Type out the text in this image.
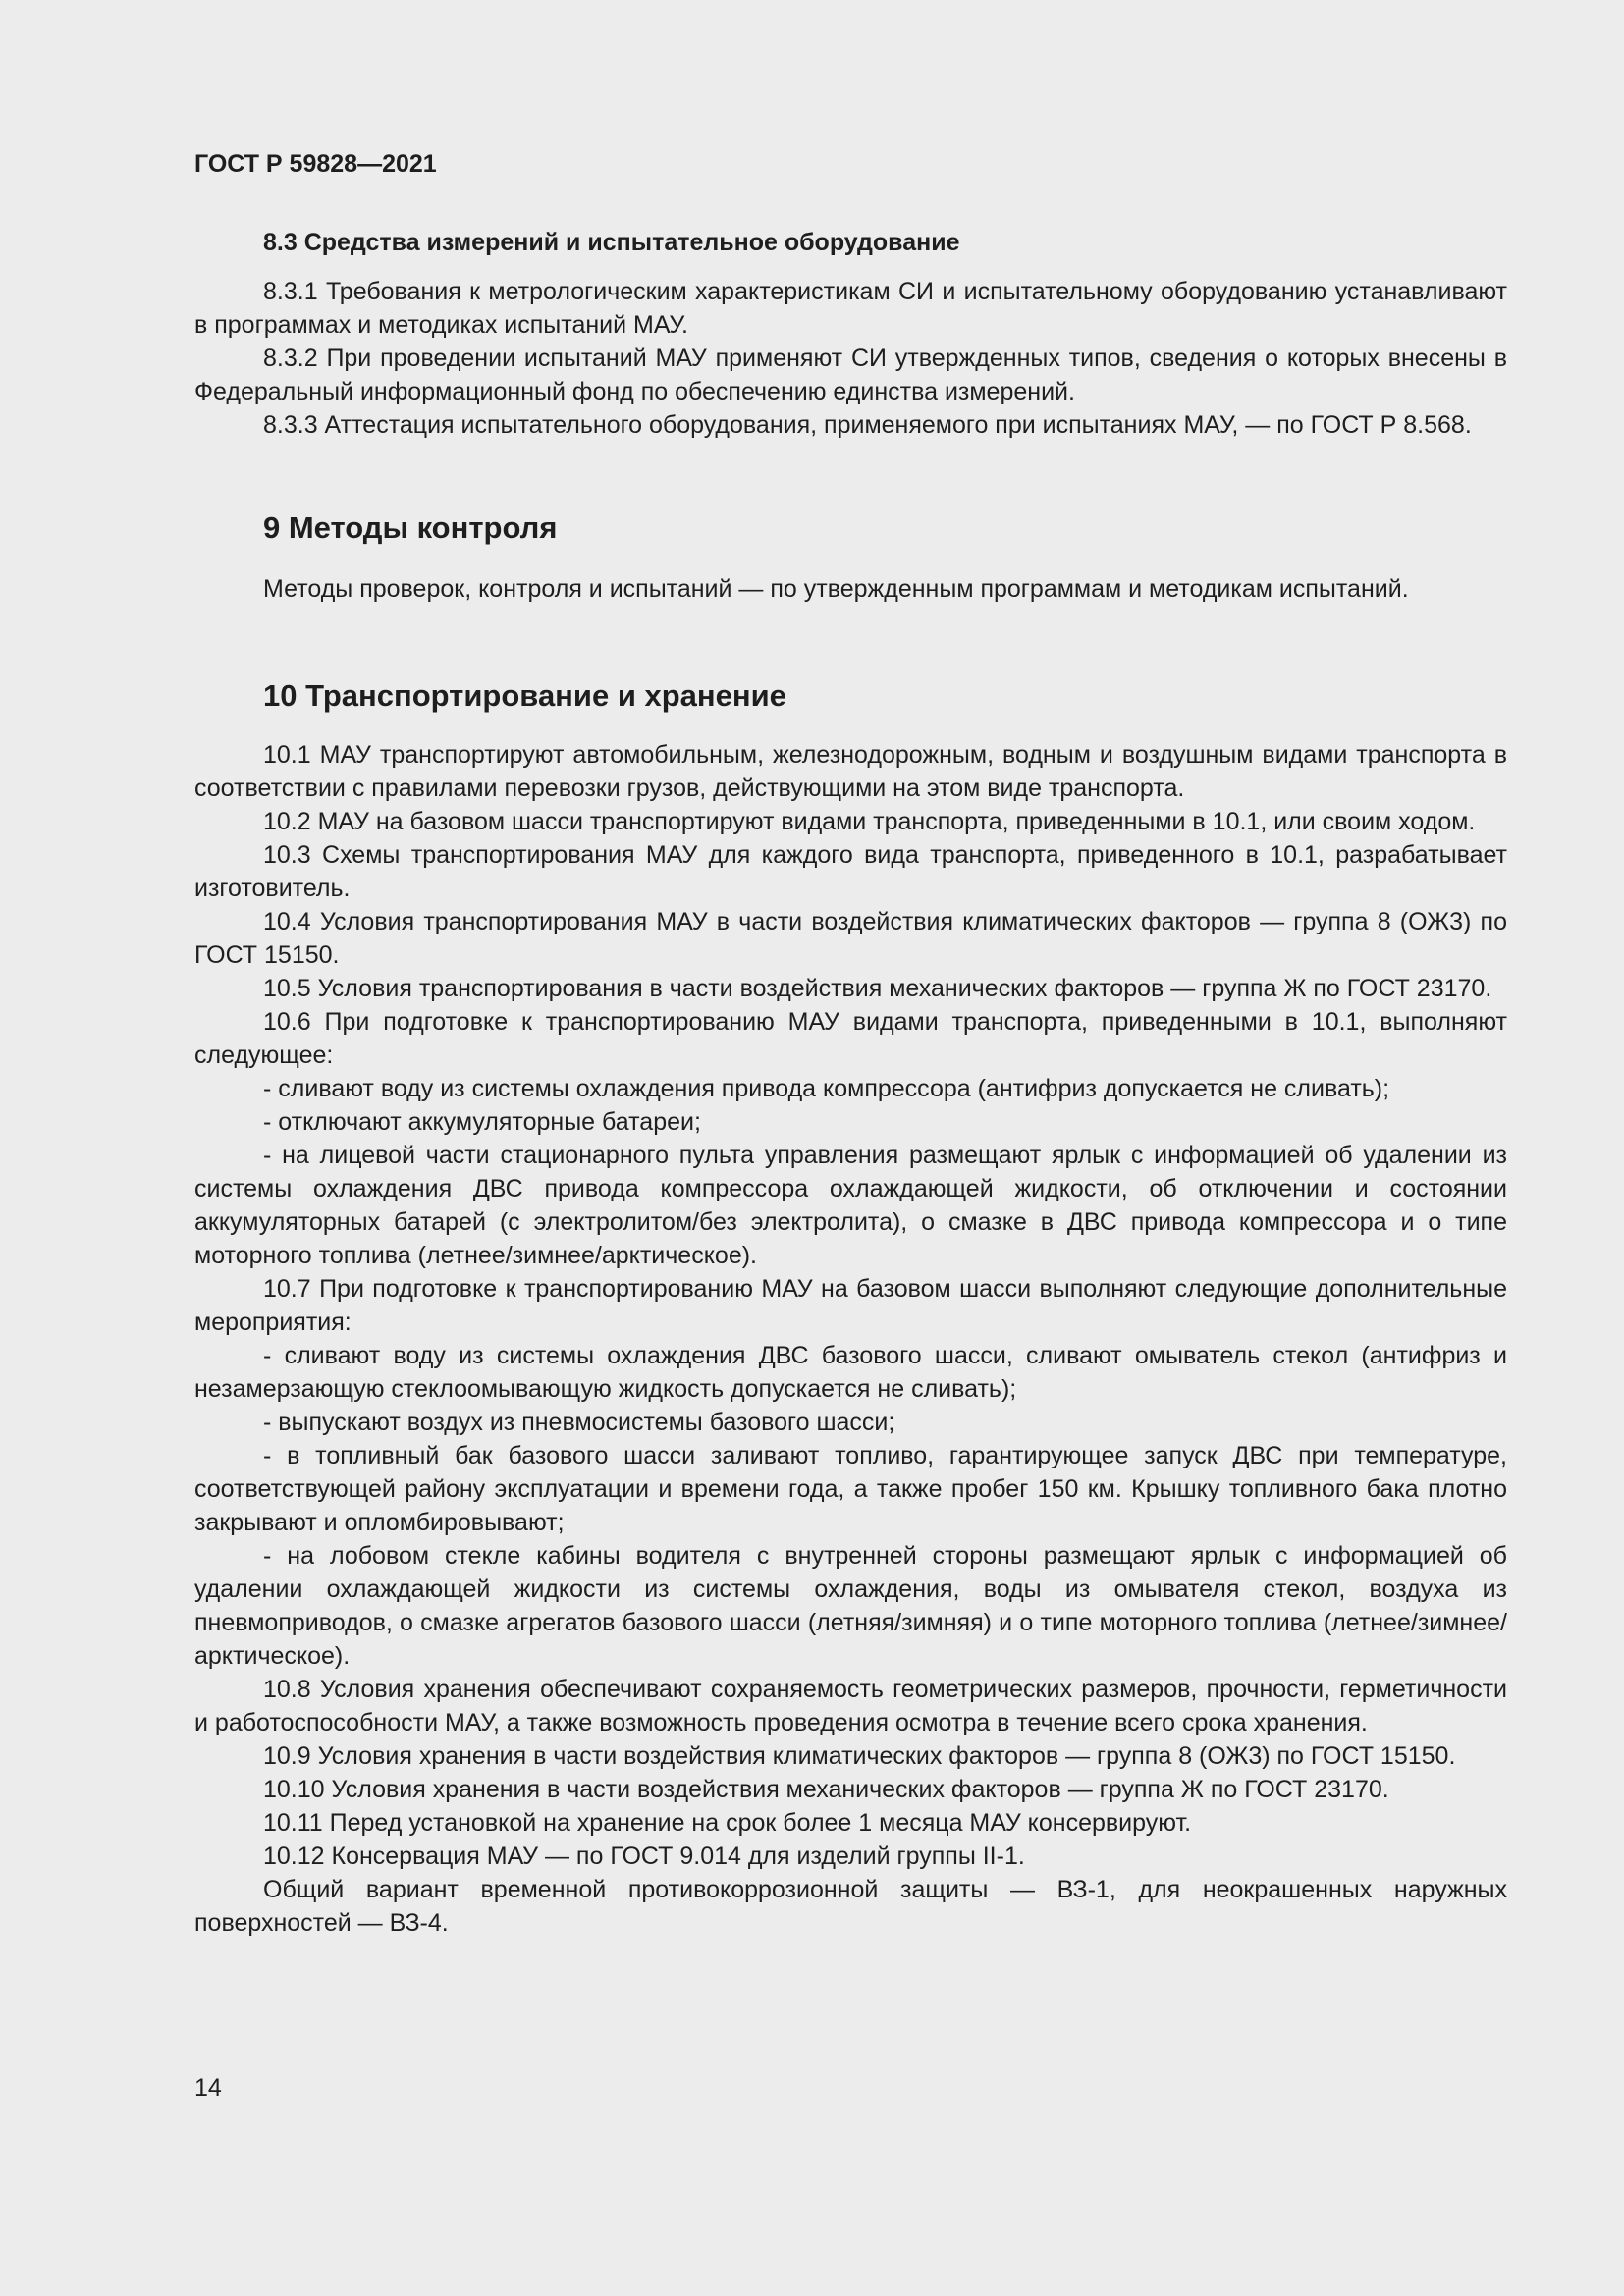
ГОСТ Р 59828—2021

8.3 Средства измерений и испытательное оборудование

8.3.1 Требования к метрологическим характеристикам СИ и испытательному оборудованию устанавливают в программах и методиках испытаний МАУ.

8.3.2 При проведении испытаний МАУ применяют СИ утвержденных типов, сведения о которых внесены в Федеральный информационный фонд по обеспечению единства измерений.

8.3.3 Аттестация испытательного оборудования, применяемого при испытаниях МАУ, — по ГОСТ Р 8.568.

9 Методы контроля

Методы проверок, контроля и испытаний — по утвержденным программам и методикам испытаний.

10 Транспортирование и хранение

10.1 МАУ транспортируют автомобильным, железнодорожным, водным и воздушным видами транспорта в соответствии с правилами перевозки грузов, действующими на этом виде транспорта.

10.2 МАУ на базовом шасси транспортируют видами транспорта, приведенными в 10.1, или своим ходом.

10.3 Схемы транспортирования МАУ для каждого вида транспорта, приведенного в 10.1, разрабатывает изготовитель.

10.4 Условия транспортирования МАУ в части воздействия климатических факторов — группа 8 (ОЖ3) по ГОСТ 15150.

10.5 Условия транспортирования в части воздействия механических факторов — группа Ж по ГОСТ 23170.

10.6 При подготовке к транспортированию МАУ видами транспорта, приведенными в 10.1, выполняют следующее:

- сливают воду из системы охлаждения привода компрессора (антифриз допускается не сливать);

- отключают аккумуляторные батареи;

- на лицевой части стационарного пульта управления размещают ярлык с информацией об удалении из системы охлаждения ДВС привода компрессора охлаждающей жидкости, об отключении и состоянии аккумуляторных батарей (с электролитом/без электролита), о смазке в ДВС привода компрессора и о типе моторного топлива (летнее/зимнее/арктическое).

10.7 При подготовке к транспортированию МАУ на базовом шасси выполняют следующие дополнительные мероприятия:

- сливают воду из системы охлаждения ДВС базового шасси, сливают омыватель стекол (антифриз и незамерзающую стеклоомывающую жидкость допускается не сливать);

- выпускают воздух из пневмосистемы базового шасси;

- в топливный бак базового шасси заливают топливо, гарантирующее запуск ДВС при температуре, соответствующей району эксплуатации и времени года, а также пробег 150 км. Крышку топливного бака плотно закрывают и опломбировывают;

- на лобовом стекле кабины водителя с внутренней стороны размещают ярлык с информацией об удалении охлаждающей жидкости из системы охлаждения, воды из омывателя стекол, воздуха из пневмоприводов, о смазке агрегатов базового шасси (летняя/зимняя) и о типе моторного топлива (летнее/зимнее/арктическое).

10.8 Условия хранения обеспечивают сохраняемость геометрических размеров, прочности, герметичности и работоспособности МАУ, а также возможность проведения осмотра в течение всего срока хранения.

10.9 Условия хранения в части воздействия климатических факторов — группа 8 (ОЖ3) по ГОСТ 15150.

10.10 Условия хранения в части воздействия механических факторов — группа Ж по ГОСТ 23170.

10.11 Перед установкой на хранение на срок более 1 месяца МАУ консервируют.

10.12 Консервация МАУ — по ГОСТ 9.014 для изделий группы II-1.

Общий вариант временной противокоррозионной защиты — ВЗ-1, для неокрашенных наружных поверхностей — ВЗ-4.

14
